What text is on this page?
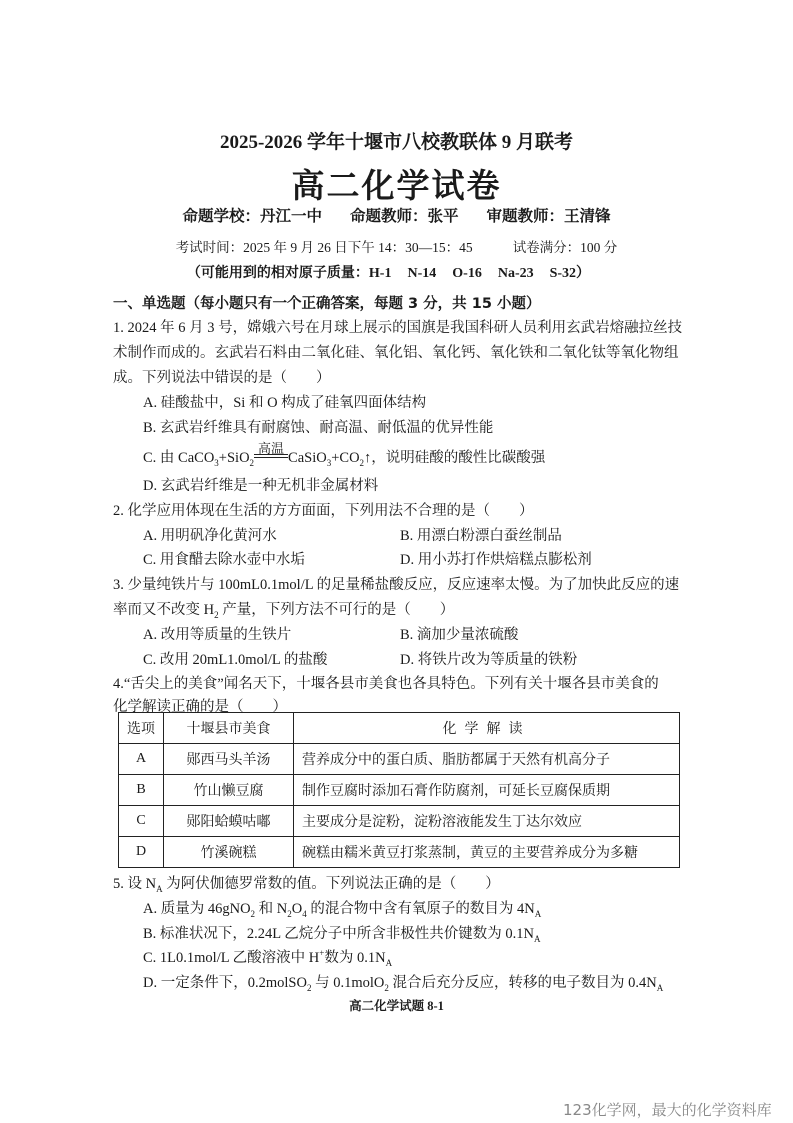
2025-2026 学年十堰市八校教联体 9 月联考
高二化学试卷
命题学校：丹江一中 命题教师：张平 审题教师：王清锋
考试时间：2025 年 9 月 26 日下午 14：30—15：45	试卷满分：100 分
（可能用到的相对原子质量：H-1 N-14 O-16 Na-23 S-32）
一、单选题（每小题只有一个正确答案，每题 3 分，共 15 小题）
1. 2024 年 6 月 3 号，嫦娥六号在月球上展示的国旗是我国科研人员利用玄武岩熔融拉丝技
术制作而成的。玄武岩石料由二氧化硅、氧化铝、氧化钙、氧化铁和二氧化钛等氧化物组
成。下列说法中错误的是（　　）
A. 硅酸盐中，Si 和 O 构成了硅氧四面体结构
B. 玄武岩纤维具有耐腐蚀、耐高温、耐低温的优异性能
C. 由 CaCO$_3$+SiO$_2$
高温
$CaSiO_3+CO_2↑$，说明硅酸的酸性比碳酸强
D. 玄武岩纤维是一种无机非金属材料
2. 化学应用体现在生活的方方面面，下列用法不合理的是（　　）
A. 用明矾净化黄河水	B. 用漂白粉漂白蚕丝制品
C. 用食醋去除水壶中水垢	D. 用小苏打作烘焙糕点膨松剂
3. 少量纯铁片与 100mL0.1mol/L 的足量稀盐酸反应，反应速率太慢。为了加快此反应的速
率而又不改变 $H_2$ 产量，下列方法不可行的是（　　）
A. 改用等质量的生铁片	B. 滴加少量浓硫酸
C. 改用 20mL1.0mol/L 的盐酸	D. 将铁片改为等质量的铁粉
4.“舌尖上的美食”闻名天下，十堰各县市美食也各具特色。下列有关十堰各县市美食的
化学解读正确的是（　　）
选项	十堰县市美食	化学解读
A	郧西马头羊汤	营养成分中的蛋白质、脂肪都属于天然有机高分子
B	竹山懒豆腐	制作豆腐时添加石膏作防腐剂，可延长豆腐保质期
C	郧阳蛤蟆咕嘟	主要成分是淀粉，淀粉溶液能发生丁达尔效应
D	竹溪碗糕	碗糕由糯米黄豆打浆蒸制，黄豆的主要营养成分为多糖
5. 设 $N_A$ 为阿伏伽德罗常数的值。下列说法正确的是（　　）
A. 质量为 46gNO$_2$ 和 $N_2O_4$ 的混合物中含有氧原子的数目为 $4N_A$
B. 标准状况下，2.24L 乙烷分子中所含非极性共价键数为 $0.1N_A$
C. 1L0.1mol/L 乙酸溶液中 H+数为 $0.1N_A$
D. 一定条件下，0.2molSO$_2$ 与 0.1molO$_2$ 混合后充分反应，转移的电子数目为 $0.4N_A$
高二化学试题 8-1
123化学网，最大的化学资料库
